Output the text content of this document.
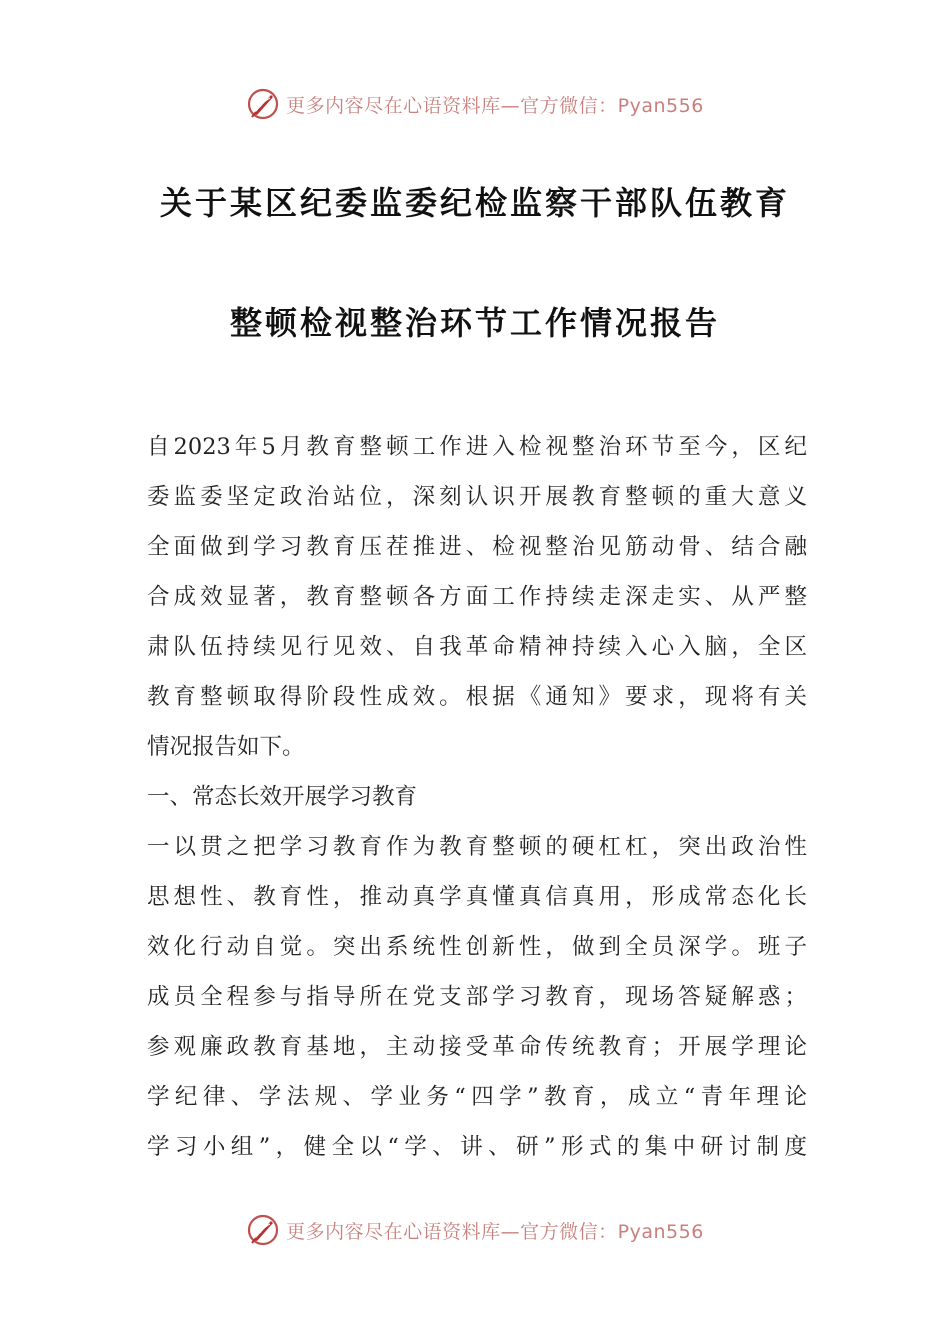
更多内容尽在心语资料库—官方微信：Pyan556
关于某区纪委监委纪检监察干部队伍教育
整顿检视整治环节工作情况报告
自2023年5月教育整顿工作进入检视整治环节至今，区纪
委监委坚定政治站位，深刻认识开展教育整顿的重大意义
全面做到学习教育压茬推进、检视整治见筋动骨、结合融
合成效显著，教育整顿各方面工作持续走深走实、从严整
肃队伍持续见行见效、自我革命精神持续入心入脑，全区
教育整顿取得阶段性成效。根据《通知》要求，现将有关
情况报告如下。
一、常态长效开展学习教育
一以贯之把学习教育作为教育整顿的硬杠杠，突出政治性
思想性、教育性，推动真学真懂真信真用，形成常态化长
效化行动自觉。突出系统性创新性，做到全员深学。班子
成员全程参与指导所在党支部学习教育，现场答疑解惑；
参观廉政教育基地，主动接受革命传统教育；开展学理论
学纪律、学法规、学业务“四学”教育，成立“青年理论
学习小组”，健全以“学、讲、研”形式的集中研讨制度
更多内容尽在心语资料库—官方微信：Pyan556
